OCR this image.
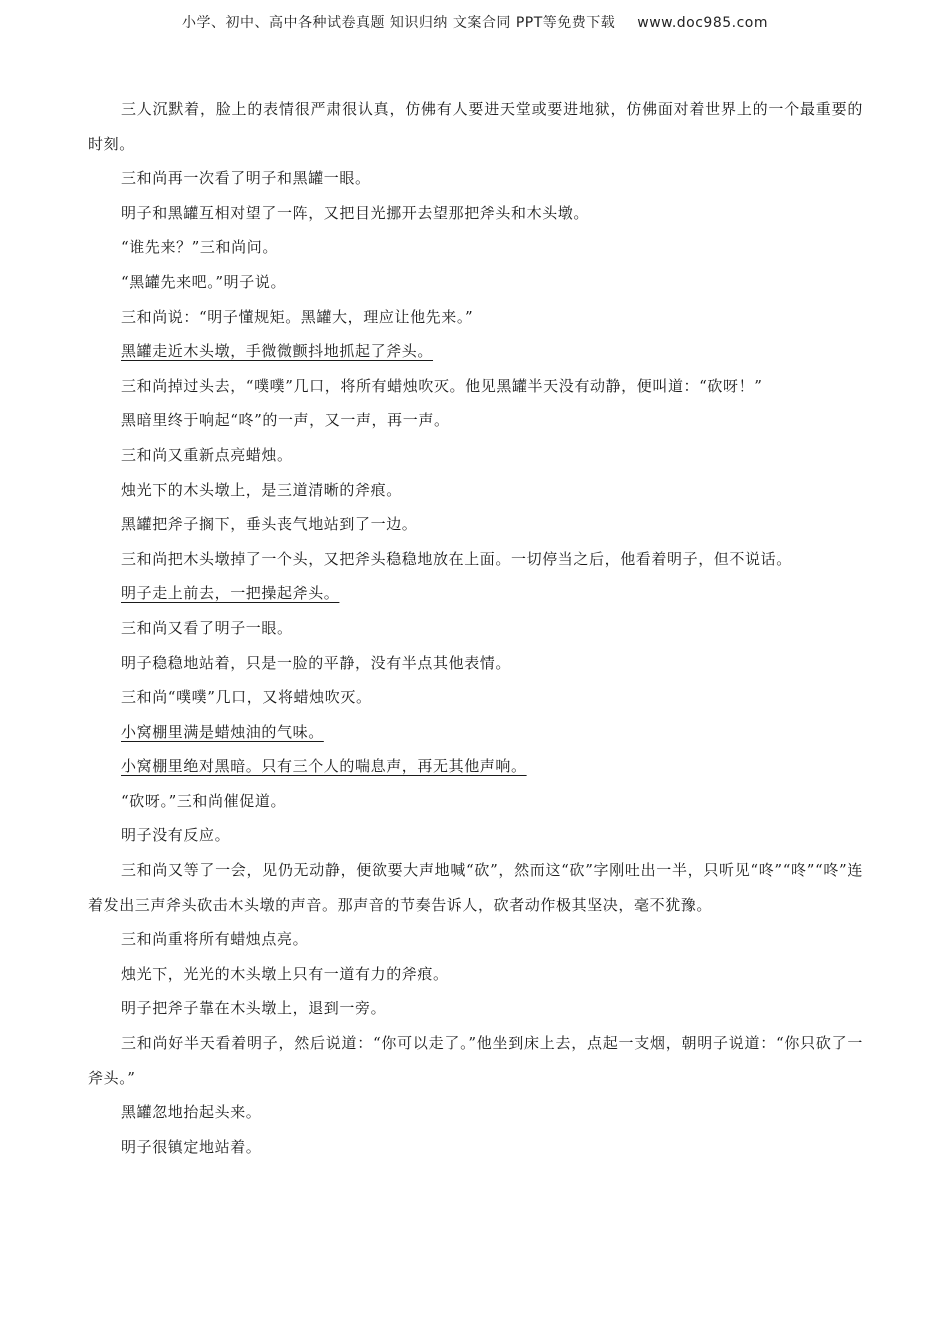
小学、初中、高中各种试卷真题 知识归纳 文案合同 PPT等免费下载 www.doc985.com

三人沉默着，脸上的表情很严肃很认真，仿佛有人要进天堂或要进地狱，仿佛面对着世界上的一个最重要的时刻。

三和尚再一次看了明子和黑罐一眼。

明子和黑罐互相对望了一阵，又把目光挪开去望那把斧头和木头墩。

“谁先来？”三和尚问。

“黑罐先来吧。”明子说。

三和尚说：“明子懂规矩。黑罐大，理应让他先来。”

黑罐走近木头墩，手微微颤抖地抓起了斧头。

三和尚掉过头去，“噗噗”几口，将所有蜡烛吹灭。他见黑罐半天没有动静，便叫道：“砍呀！”

黑暗里终于响起“咚”的一声，又一声，再一声。

三和尚又重新点亮蜡烛。

烛光下的木头墩上，是三道清晰的斧痕。

黑罐把斧子搁下，垂头丧气地站到了一边。

三和尚把木头墩掉了一个头，又把斧头稳稳地放在上面。一切停当之后，他看着明子，但不说话。

明子走上前去，一把操起斧头。

三和尚又看了明子一眼。

明子稳稳地站着，只是一脸的平静，没有半点其他表情。

三和尚“噗噗”几口，又将蜡烛吹灭。

小窝棚里满是蜡烛油的气味。

小窝棚里绝对黑暗。只有三个人的喘息声，再无其他声响。

“砍呀。”三和尚催促道。

明子没有反应。

三和尚又等了一会，见仍无动静，便欲要大声地喊“砍”，然而这“砍”字刚吐出一半，只听见“咚”“咚”“咚”连着发出三声斧头砍击木头墩的声音。那声音的节奏告诉人，砍者动作极其坚决，毫不犹豫。

三和尚重将所有蜡烛点亮。

烛光下，光光的木头墩上只有一道有力的斧痕。

明子把斧子靠在木头墩上，退到一旁。

三和尚好半天看着明子，然后说道：“你可以走了。”他坐到床上去，点起一支烟，朝明子说道：“你只砍了一斧头。”

黑罐忽地抬起头来。

明子很镇定地站着。
